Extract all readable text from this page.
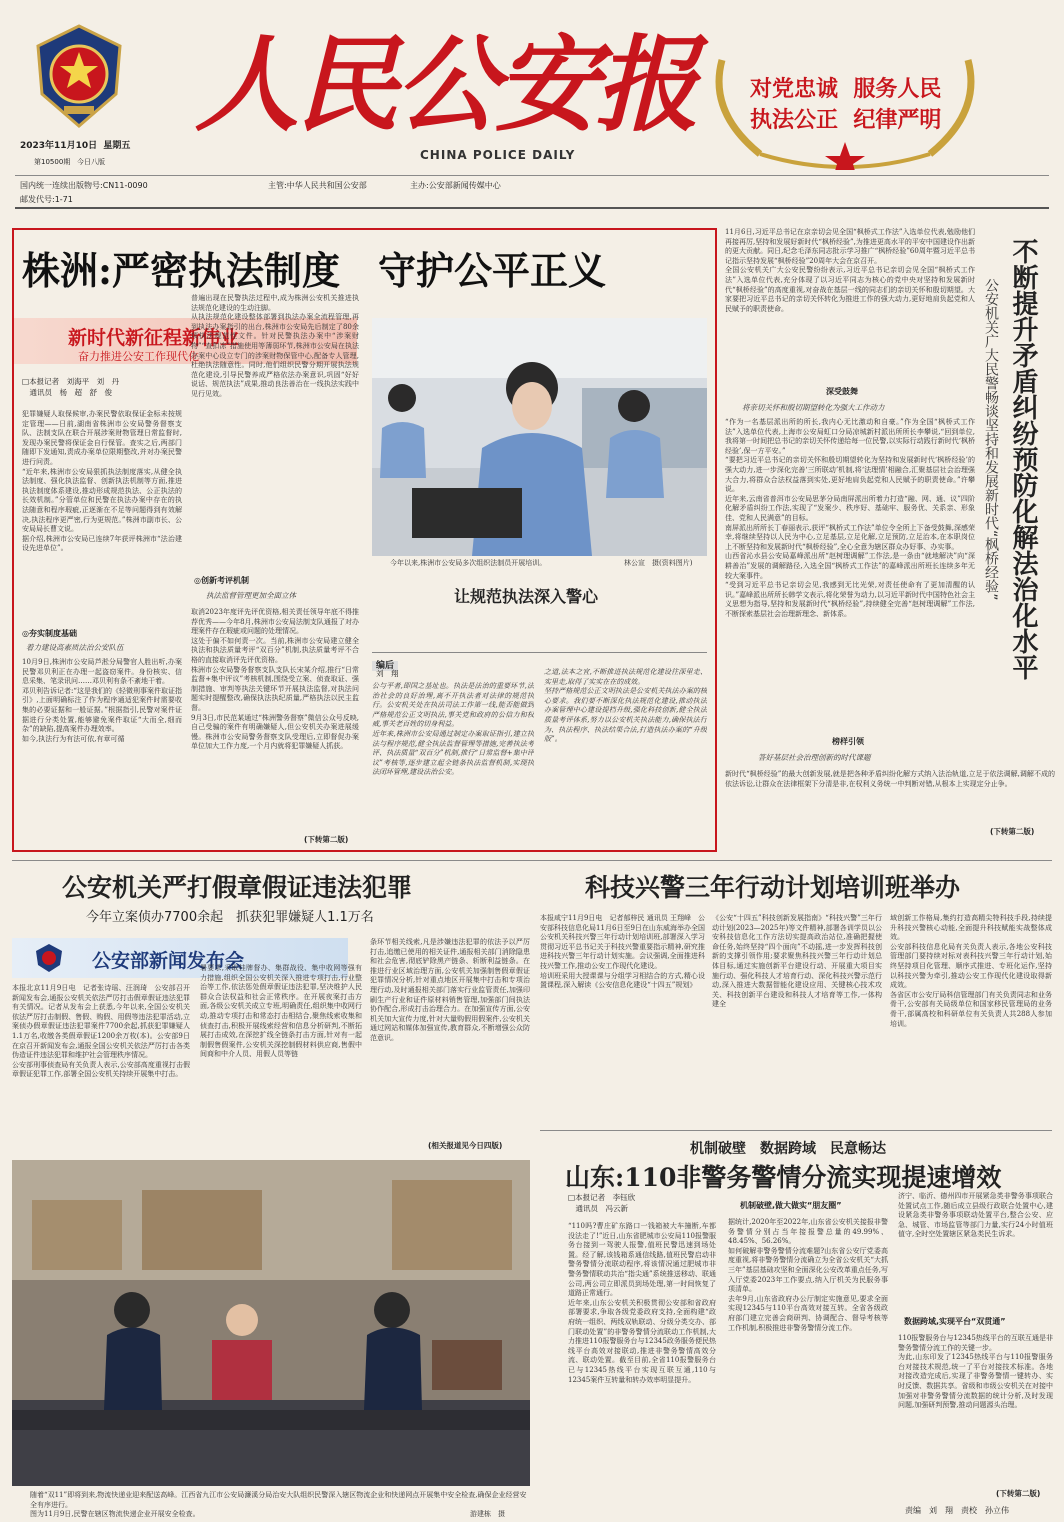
2023年11月10日 星期五
第10500期 今日八版
人民公安报
CHINA POLICE DAILY
对党忠诚 服务人民
执法公正 纪律严明
国内统一连续出版物号:CN11-0090
邮发代号:1-71
主管:中华人民共和国公安部	主办:公安部新闻传媒中心
株洲:严密执法制度　守护公平正义
新时代新征程新伟业
奋力推进公安工作现代化
□本报记者　刘海平　刘　丹
　通讯员　杨　超　舒　俊
犯罪嫌疑人取保候审,办案民警依取保证金标未按规定管理——日前,湖南省株洲市公安局警务督察支队、法制支队在联合开展涉案财物管理日常监督时,发现办案民警将保证金自行保管。查实之后,两部门随即下发通知,责成办案单位限期整改,并对办案民警进行问责。
“近年来,株洲市公安局狠抓执法制度落实,从健全执法制度、强化执法监督、创新执法机制等方面,推进执法制度体系建设,推动形成规范执法、公正执法的长效机制。”分管单位和民警在执法办案中存在的执法随意和程序瑕疵,正逐渐在不足等问题得到有效解决,执法程序更严密,行为更规范。”株洲市副市长、公安局局长曹文说。
据介绍,株洲市公安局已连续7年获评株洲市“法治建设先进单位”。
◎夯实制度基础
着力建设高素质法治公安队伍
10月9日,株洲市公安局芦淞分局警官人胜出听,办案民警邓贝利正在办理一起盗窃案件。身份核实、信息采集、笔录讯问……邓贝利有条不紊地干着。
邓贝利告诉记者:“这是我们的《轻微刑事案件取证指引》,上面明确标注了作为程序通适犯案件时需要收集的必要证据和一般证据。”根据指引,民警对案件证据进行分类处置,能够避免案件取证“大而全,细而杂”的缺陷,提高案件办理效率。
如今,执法行为有法可依,有章可循
普遍出现在民警执法过程中,成为株洲公安机关推进执法规范化建设的生动注脚。
从执法规范化建设整体部署到执法办案全流程管理,再到执法办案指引的出台,株洲市公安局先后制定了80余项执法规范性文件。针对民警执法办案中“涉案财物”“查扣冻”措施使用等薄弱环节,株洲市公安局在执法办案中心设立专门的涉案财物保管中心,配备专人管理,杜绝执法随意性。同时,他们组织民警分期开展执法规范化建设,引导民警养成严格依法办案意识,巩固“好好说话、规范执法”成果,推动良法善治在一线执法实践中见行见效。
今年以来,株洲市公安局多次组织法制员开展培训。	林公宣　摄(资料图片)
◎创新考评机制
执法监督管理更加全面立体
取消2023年度评先评优资格,相关责任领导年底不得推荐优秀——今年8月,株洲市公安局法制支队通报了对办理案件存在瑕疵或问题的处理情况。
这处于偏不如何责一次。当前,株洲市公安局建立健全执法和执法质量考评“双百分”机制,执法质量考评不合格的直接取消评先评优资格。
株洲市公安局警务督察支队支队长宋某介绍,推行“日常监督+集中评议”考核机制,围绕受立案、侦查取证、强制措施、审判等执法关键环节开展执法监督,对执法问题实时提醒整改,确保执法执纪质量,严格执法以民主监督。
9月3日,市民范某通过“株洲警务督察”微信公众号反映,自己受骗的案件有明确嫌疑人,但公安机关办案进展缓慢。株洲市公安局警务督察支队受理后,立即督促办案单位加大工作力度,一个月内就将犯罪嫌疑人抓获。
(下转第二版)
让规范执法深入警心
编后
刘　翔
公与平者,即国之基址也。执法是法治的重要环节,法治社会的良好治理,离不开执法者对法律的规范执行。公安机关处在执法司法工作第一线,能否能做到严格规范公正文明执法,事关党和政府的公信力和权威,事关老百姓的切身利益。
近年来,株洲市公安局通过制定办案取证指引,建立执法与程序规范,健全执法监督管理等措施,完善执法考评、执法质量“双百分”机制,推行“日常监督+集中评议”考核等,逐步建立起全链条执法监督机制,实现执法闭环管理,建设法治公安。
之道,法本之宜,不断推进执法规范化建设往深里走、实里走,取得了实实在在的成效。
坚持严格规范公正文明执法是公安机关执法办案的核心要求。我们要不断深化执法规范化建设,推动执法办案管理中心建设提档升级,强化科技创新,健全执法质量考评体系,努力以公安机关执法能力,确保执法行为、执法程序、执法结果合法,打造执法办案的“升级版”。
11月6日,习近平总书记在京亲切会见全国“枫桥式工作法”入选单位代表,勉励他们再接再厉,坚持和发展好新时代“枫桥经验”,为推进更高水平的平安中国建设作出新的更大贡献。同日,纪念毛泽东同志批示学习推广“枫桥经验”60周年暨习近平总书记指示坚持发展“枫桥经验”20周年大会在京召开。
全国公安机关广大公安民警纷纷表示,习近平总书记亲切会见全国“枫桥式工作法”入选单位代表,充分体现了以习近平同志为核心的党中央对坚持和发展新时代“枫桥经验”的高度重视,对奋战在基层一线的同志们的亲切关怀和殷切期望。大家要把习近平总书记的亲切关怀转化为推进工作的强大动力,更好地肩负起党和人民赋予的职责使命。
深受鼓舞
将亲切关怀和殷切期望转化为强大工作动力
“作为一名基层派出所的所长,我内心无比激动和自豪。”作为全国“枫桥式工作法”入选单位代表,上海市公安局虹口分局凉城新村派出所所长李攀说,“回到单位,我将第一时间把总书记的亲切关怀传递给每一位民警,以实际行动践行新时代‘枫桥经验’,保一方平安。”
“要把习近平总书记的亲切关怀和殷切期望转化为坚持和发展新时代‘枫桥经验’的强大动力,进一步深化完善‘三所联动’机制,将‘法理情’相融合,汇聚基层社会治理强大合力,将群众合法权益落到实处,更好地肩负起党和人民赋予的职责使命。”许攀说。
近年来,云南省普洱市公安局思茅分局南屏派出所着力打造“融、网、通、议”四阶化解矛盾纠纷工作法,实现了“发案少、秩序好、基础牢、服务优、关系亲、形象佳、党和人民满意”的目标。
南屏派出所所长丁春丽表示,获评“枫桥式工作法”单位令全所上下备受鼓舞,深感荣幸,将继续坚持以人民为中心,立足基层,立足化解,立足预防,立足治本,在本职岗位上不断坚持和发展新时代“枫桥经验”,全心全意为辖区群众办好事、办实事。
山西省沁水县公安局嘉峰派出所“赵树理调解”工作法,是一条由“就地解决”向“深耕善治”发展的调解路径,入选全国“枫桥式工作法”的嘉峰派出所班长连续多年无较大案事件。
“受到习近平总书记亲切会见,我感到无比光荣,对责任使命有了更加清醒的认识。”嘉峰派出所所长韩学文表示,将化荣誉为动力,以习近平新时代中国特色社会主义思想为指导,坚持和发展新时代“枫桥经验”,持续健全完善“赵树理调解”工作法,不断探索基层社会治理新理念、新体系。
榜样引领
答好基层社会治理创新的时代课题
新时代“枫桥经验”的最大创新发展,就是把各种矛盾纠纷化解方式纳入法治轨道,立足于依法调解,调解不成的依法诉讼,让群众在法律框架下分清是非,在权利义务统一中判断对错,从根本上实现定分止争。
(下转第二版)
不断提升矛盾纠纷预防化解法治化水平
公安机关广大民警畅谈坚持和发展新时代“枫桥经验”
公安机关严打假章假证违法犯罪
今年立案侦办7700余起　抓获犯罪嫌疑人1.1万名
公安部新闻发布会
本报北京11月9日电　记者张诗瑶、汪润琦　公安部召开新闻发布会,通报公安机关依法严厉打击假章假证违法犯罪有关情况。记者从发布会上获悉,今年以来,全国公安机关依法严厉打击制假、售假、购假、用假等违法犯罪活动,立案侦办假章假证违法犯罪案件7700余起,抓获犯罪嫌疑人1.1万名,收缴各类假章假证1200余万枚(本)。公安部9日在京召开新闻发布会,通报全国公安机关依法严厉打击各类伪造证件违法犯罪和维护社会管理秩序情况。
公安部刑事侦查局有关负责人表示,公安部高度重视打击假章假证犯罪工作,部署全国公安机关持续开展集中打击。
署要求,采取挂牌督办、集群战役、集中收网等强有力措施,组织全国公安机关深入推进专项打击,行业整治等工作,依法惩处假章假证违法犯罪,坚决维护人民群众合法权益和社会正常秩序。在开展夜案打击方面,各级公安机关成立专班,明确责任,组织集中收网行动,推动专项打击和常态打击相结合,聚焦线索收集和侦查打击,积极开展线索经营和信息分析研判,不断拓展打击成效,在深挖扩线全链条打击方面,针对有一起制假售假案件,公安机关深挖制假材料供应商,售假中间商和中介人员、用假人员等链
条环节相关线索,凡是涉嫌违法犯罪的依法予以严厉打击,追缴已使用的相关证件,通报相关部门消除隐患和社会危害,彻底铲除黑产链条、斩断利益链条。在推进行业区域治理方面,公安机关加强制售假章假证犯罪情况分析,针对重点地区开展集中打击和专项治理行动,及时通报相关部门落实行业监管责任,加强印刷生产行业和证件原材料销售管理,加强部门间执法协作配合,形成打击治理合力。在加强宣传方面,公安机关加大宣传力度,针对大量购假用假案件,公安机关通过网站和媒体加强宣传,教育群众,不断增强公众防范意识。
(相关报道见今日四版)
随着“双11”即将到来,物流快递业迎来配送高峰。江西省九江市公安局濂溪分局治安大队组织民警深入辖区物流企业和快递网点开展集中安全检查,确保企业经营安全有序进行。
图为11月9日,民警在辖区物流快递企业开展安全检查。	游建栋　摄
科技兴警三年行动计划培训班举办
本报咸宁11月9日电　记者郁梓民 通讯员 王翔峰　公安部科技信息化局11月6日至9日在山东威海举办全国公安机关科技兴警三年行动计划培训班,部署深入学习贯彻习近平总书记关于科技兴警重要指示精神,研究推进科技兴警三年行动计划实施。会议强调,全面推进科技兴警工作,推动公安工作现代化建设。
培训班采用大授课课与分组学习相结合的方式,精心设置课程,深入解读《公安信息化建设“十四五”规划》
《公安“十四五”科技创新发展指南》“科技兴警”三年行动计划(2023—2025年)等文件精神,部署各训学员以公安科技信息化工作方法切实提高政治站位,准确把握使命任务,始终坚持“四个面向”不动摇,进一步发挥科技创新的支撑引领作用;要求聚焦科技兴警三年行动计划总体目标,通过实施创新平台建设行动、开展重大项目实施行动、强化科技人才培育行动、深化科技兴警示范行动,深入推进大数据智能化建设应用、关键核心技术攻关、科技创新平台建设和科技人才培育等工作,一体构建全
域创新工作格局,集约打造高精尖特科技手段,持续提升科技兴警核心动能,全面提升科技赋能实战整体成效。
公安部科技信息化局有关负责人表示,各地公安科技管理部门要持续对标对表科技兴警三年行动计划,始终坚持项目化管理、顺序式推进、专班化运作,坚持以科技兴警为牵引,推动公安工作现代化建设取得新成效。
各省区市公安厅局科信管理部门有关负责同志和业务骨干,公安部有关局级单位和国家移民管理局的业务骨干,部属高校和科研单位有关负责人共288人参加培训。
机制破壁　数据跨域　民意畅达
山东:110非警务警情分流实现提速增效
□本报记者　李钰欣
　通讯员　冯云新
“110吗?曹庄矿东路口一钱箱被大车撞断,车都没法走了!”近日,山东省肥城市公安局110报警服务台接到一驾驶人报警,值班民警迅速到场处置。经了解,该钱箱系通信线路,值班民警启动非警务警情分流联动程序,将该情况通过肥城市非警务警情联动共治“指尖通”系统推送移动、联通公司,两公司立即派员到场处理,第一时间恢复了道路正常通行。
近年来,山东公安机关积极贯彻公安部和省政府部署要求,争取各级党委政府支持,全面构建“政府统一组织、两线双轨联动、分级分类交办、部门联动处置”的非警务警情分流联动工作机制,大力推进110报警服务台与12345政务服务便民热线平台高效对接联动,推进非警务警情高效分流、联动处置。截至目前,全省110报警服务台已与12345热线平台实现互联互通,110与12345案件互转量和转办效率明显提升。
机制破壁,做大做实“朋友圈”
据统计,2020年至2022年,山东省公安机关接报非警务警情分别占当年接报警总量的49.99%、48.45%、56.26%。
如何破解非警务警情分流难题?山东省公安厅党委高度重视,将非警务警情分流确立为全省公安机关“大抓三年”基层基础攻坚和全面深化公安改革重点任务,写入厅党委2023年工作要点,纳入厅机关为民服务事项清单。
去年9月,山东省政府办公厅制定实施意见,要求全面实现12345与110平台高效对接互转。全省各级政府部门建立完善会商研判、协调配合、督导考核等工作机制,积极推进非警务警情分流工作。
济宁、临沂、德州四市开展紧急类非警务事项联合处置试点工作,随后成立县级行政联合处置中心,建设紧急类非警务事项联动处置平台,整合公安、应急、城管、市场监管等部门力量,实行24小时值班值守,全时空处置辖区紧急类民生诉求。
数据跨域,实现平台“双贯通”
110报警服务台与12345热线平台的互联互通是非警务警情分流工作的关键一步。
为此,山东印发了12345热线平台与110报警服务台对接技术规范,统一了平台对接技术标准。各地对接改造完成后,实现了非警务警情一键转办、实时反馈、数据共享。省级和市级公安机关在对接中加强对非警务警情分流数据的统计分析,及时发现问题,加强研判预警,推动问题源头治理。
(下转第二版)
责编　刘　翔　责校　孙立伟
